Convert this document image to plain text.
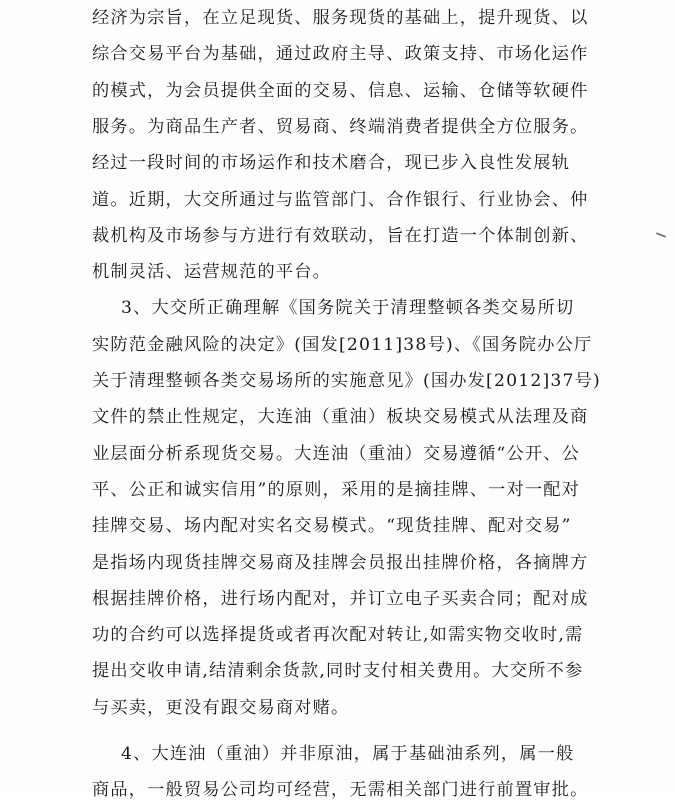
经济为宗旨，在立足现货、服务现货的基础上，提升现货、以
综合交易平台为基础，通过政府主导、政策支持、市场化运作
的模式，为会员提供全面的交易、信息、运输、仓储等软硬件
服务。为商品生产者、贸易商、终端消费者提供全方位服务。
经过一段时间的市场运作和技术磨合，现已步入良性发展轨
道。近期，大交所通过与监管部门、合作银行、行业协会、仲
裁机构及市场参与方进行有效联动，旨在打造一个体制创新、
机制灵活、运营规范的平台。
3、大交所正确理解《国务院关于清理整顿各类交易所切
实防范金融风险的决定》(国发[2011]38号)、《国务院办公厅
关于清理整顿各类交易场所的实施意见》(国办发[2012]37号)
文件的禁止性规定，大连油（重油）板块交易模式从法理及商
业层面分析系现货交易。大连油（重油）交易遵循“公开、公
平、公正和诚实信用”的原则，采用的是摘挂牌、一对一配对
挂牌交易、场内配对实名交易模式。“现货挂牌、配对交易”
是指场内现货挂牌交易商及挂牌会员报出挂牌价格，各摘牌方
根据挂牌价格，进行场内配对，并订立电子买卖合同；配对成
功的合约可以选择提货或者再次配对转让,如需实物交收时,需
提出交收申请,结清剩余货款,同时支付相关费用。大交所不参
与买卖，更没有跟交易商对赌。
4、大连油（重油）并非原油，属于基础油系列，属一般
商品，一般贸易公司均可经营，无需相关部门进行前置审批。
